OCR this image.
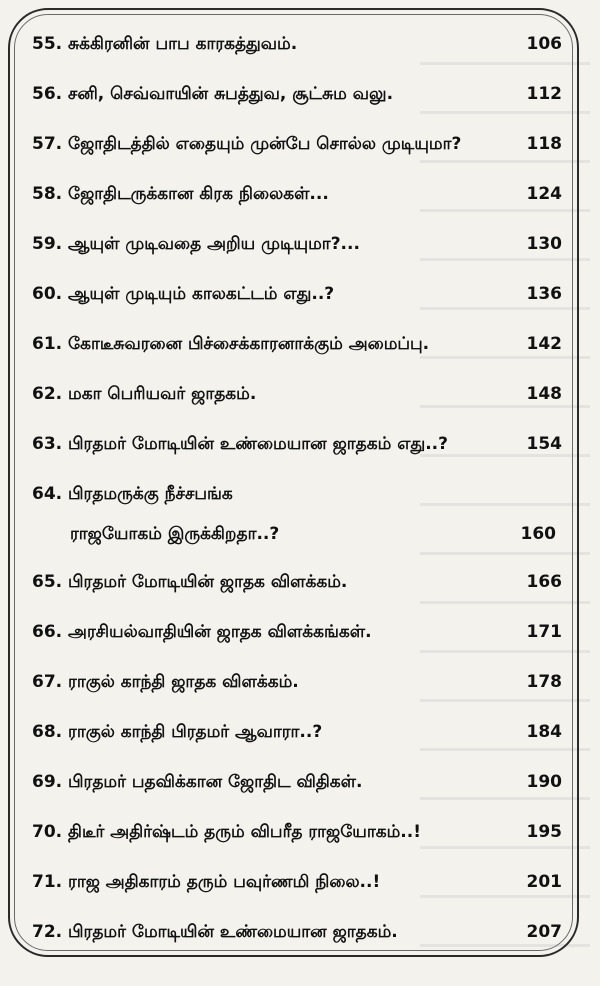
55. சுக்கிரனின் பாப காரகத்துவம்.	106
56. சனி, செவ்வாயின் சுபத்துவ, சூட்சும வலு.	112
57. ஜோதிடத்தில் எதையும் முன்பே சொல்ல முடியுமா?	118
58. ஜோதிடருக்கான கிரக நிலைகள்...	124
59. ஆயுள் முடிவதை அறிய முடியுமா?...	130
60. ஆயுள் முடியும் காலகட்டம் எது..?	136
61. கோடீசுவரனை பிச்சைக்காரனாக்கும் அமைப்பு.	142
62. மகா பெரியவர் ஜாதகம்.	148
63. பிரதமர் மோடியின் உண்மையான ஜாதகம் எது..?	154
64. பிரதமருக்கு நீச்சபங்க
ராஜயோகம் இருக்கிறதா..?	160
65. பிரதமர் மோடியின் ஜாதக விளக்கம்.	166
66. அரசியல்வாதியின் ஜாதக விளக்கங்கள்.	171
67. ராகுல் காந்தி ஜாதக விளக்கம்.	178
68. ராகுல் காந்தி பிரதமர் ஆவாரா..?	184
69. பிரதமர் பதவிக்கான ஜோதிட விதிகள்.	190
70. திடீர் அதிர்ஷ்டம் தரும் விபரீத ராஜயோகம்..!	195
71. ராஜ அதிகாரம் தரும் பவுர்ணமி நிலை..!	201
72. பிரதமர் மோடியின் உண்மையான ஜாதகம்.	207
